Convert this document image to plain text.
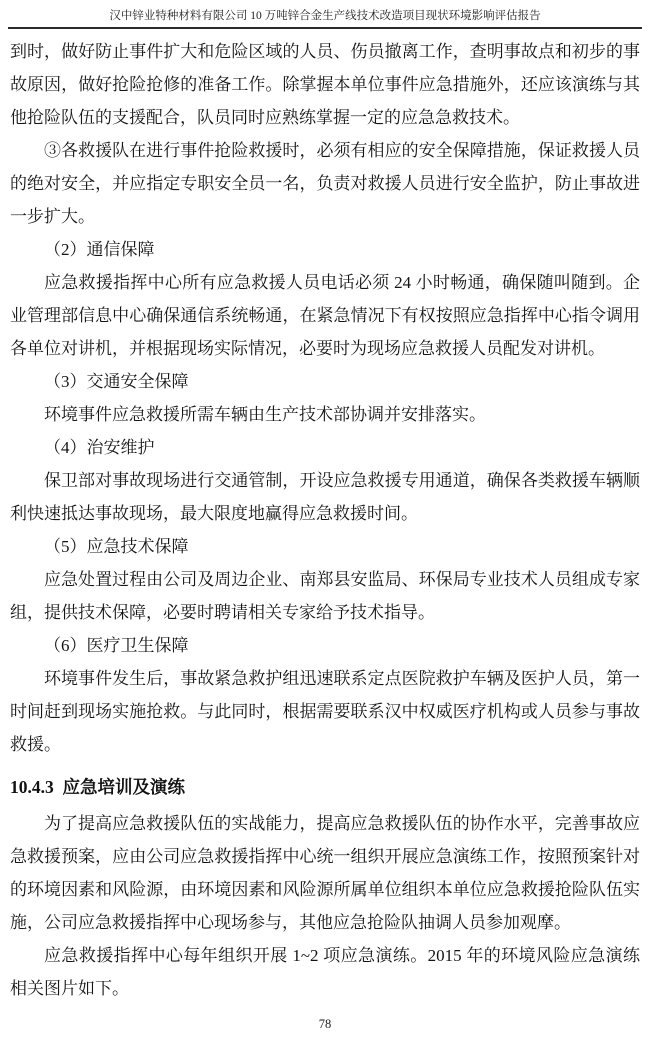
汉中锌业特种材料有限公司 10 万吨锌合金生产线技术改造项目现状环境影响评估报告

到时，做好防止事件扩大和危险区域的人员、伤员撤离工作，查明事故点和初步的事故原因，做好抢险抢修的准备工作。除掌握本单位事件应急措施外，还应该演练与其他抢险队伍的支援配合，队员同时应熟练掌握一定的应急急救技术。

③各救援队在进行事件抢险救援时，必须有相应的安全保障措施，保证救援人员的绝对安全，并应指定专职安全员一名，负责对救援人员进行安全监护，防止事故进一步扩大。

（2）通信保障

应急救援指挥中心所有应急救援人员电话必须 24 小时畅通，确保随叫随到。企业管理部信息中心确保通信系统畅通，在紧急情况下有权按照应急指挥中心指令调用各单位对讲机，并根据现场实际情况，必要时为现场应急救援人员配发对讲机。

（3）交通安全保障

环境事件应急救援所需车辆由生产技术部协调并安排落实。

（4）治安维护

保卫部对事故现场进行交通管制，开设应急救援专用通道，确保各类救援车辆顺利快速抵达事故现场，最大限度地赢得应急救援时间。

（5）应急技术保障

应急处置过程由公司及周边企业、南郑县安监局、环保局专业技术人员组成专家组，提供技术保障，必要时聘请相关专家给予技术指导。

（6）医疗卫生保障

环境事件发生后，事故紧急救护组迅速联系定点医院救护车辆及医护人员，第一时间赶到现场实施抢救。与此同时，根据需要联系汉中权威医疗机构或人员参与事故救援。

10.4.3  应急培训及演练

为了提高应急救援队伍的实战能力，提高应急救援队伍的协作水平，完善事故应急救援预案，应由公司应急救援指挥中心统一组织开展应急演练工作，按照预案针对的环境因素和风险源，由环境因素和风险源所属单位组织本单位应急救援抢险队伍实施，公司应急救援指挥中心现场参与，其他应急抢险队抽调人员参加观摩。

应急救援指挥中心每年组织开展 1~2 项应急演练。2015 年的环境风险应急演练相关图片如下。

78
